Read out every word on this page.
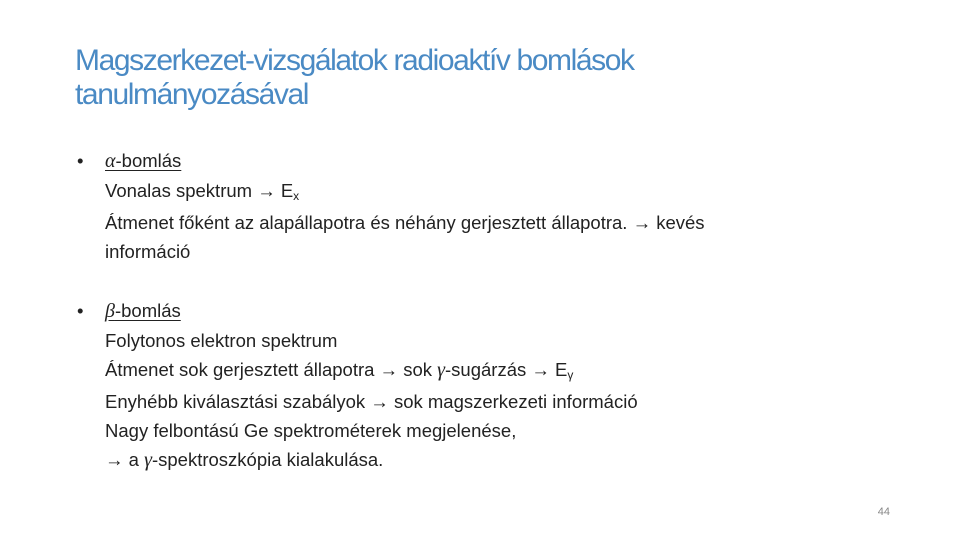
Magszerkezet-vizsgálatok radioaktív bomlások
tanulmányozásával
• α-bomlás
Vonalas spektrum → Ex
Átmenet főként az alapállapotra és néhány gerjesztett állapotra. → kevés
információ
• β-bomlás
Folytonos elektron spektrum
Átmenet sok gerjesztett állapotra → sok γ-sugárzás → Eγ
Enyhébb kiválasztási szabályok → sok magszerkezeti információ
Nagy felbontású Ge spektrométerek megjelenése,
→ a γ-spektroszkópia kialakulása.
44
